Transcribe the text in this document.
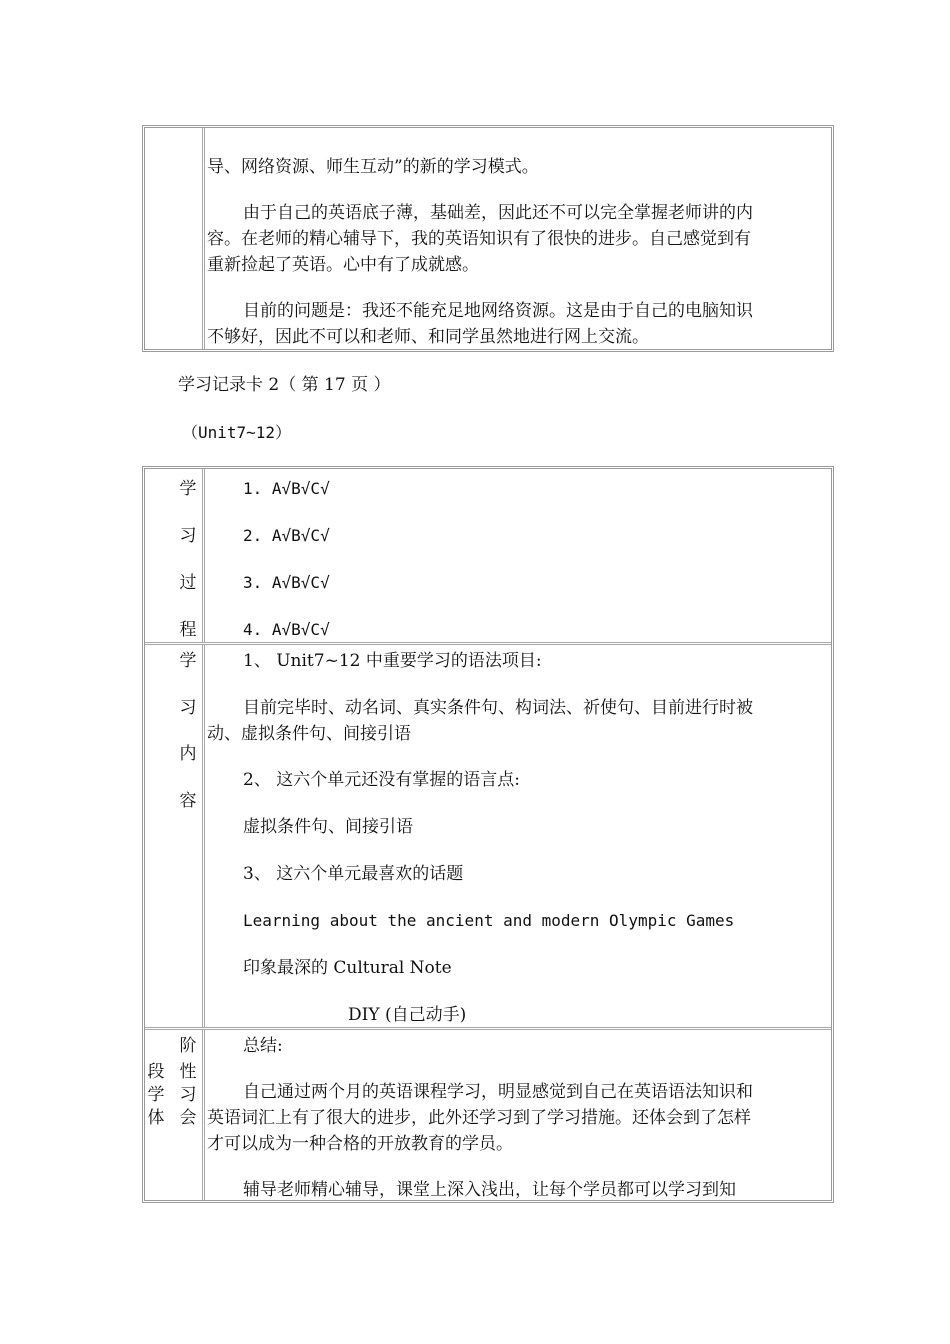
导、网络资源、师生互动”的新的学习模式。
由于自己的英语底子薄，基础差，因此还不可以完全掌握老师讲的内
容。在老师的精心辅导下，我的英语知识有了很快的进步。自己感觉到有
重新捡起了英语。心中有了成就感。
目前的问题是：我还不能充足地网络资源。这是由于自己的电脑知识
不够好，因此不可以和老师、和同学虽然地进行网上交流。
学习记录卡 2（ 第 17 页 ）
（Unit7~12）
学
习
过
程
1. A√B√C√
2. A√B√C√
3. A√B√C√
4. A√B√C√
学
习
内
容
1、 Unit7~12 中重要学习的语法项目:
目前完毕时、动名词、真实条件句、构词法、祈使句、目前进行时被
动、虚拟条件句、间接引语
2、 这六个单元还没有掌握的语言点:
虚拟条件句、间接引语
3、 这六个单元最喜欢的话题
Learning about the ancient and modern Olympic Games
印象最深的 Cultural Note
DIY (自己动手)
阶
段 性
学 习
体 会
总结:
自己通过两个月的英语课程学习，明显感觉到自己在英语语法知识和
英语词汇上有了很大的进步，此外还学习到了学习措施。还体会到了怎样
才可以成为一种合格的开放教育的学员。
辅导老师精心辅导，课堂上深入浅出，让每个学员都可以学习到知
